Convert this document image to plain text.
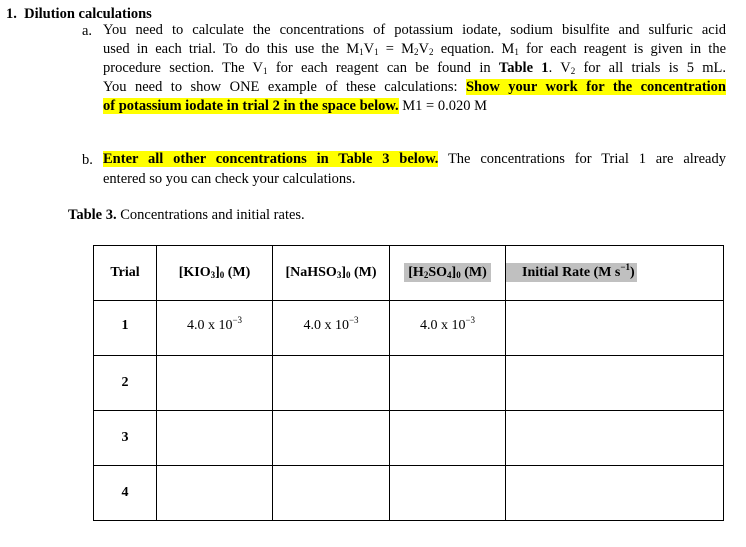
1. Dilution calculations
a. You need to calculate the concentrations of potassium iodate, sodium bisulfite and sulfuric acid
used in each trial. To do this use the $M_1V_1 = M_2V_2$ equation. $M_1$ for each reagent is given in the
procedure section. The $V_1$ for each reagent can be found in Table 1. $V_2$ for all trials is 5 mL.
You need to show ONE example of these calculations: Show your work for the concentration
of potassium iodate in trial 2 in the space below. M1 = 0.020 M
b. Enter all other concentrations in Table 3 below. The concentrations for Trial 1 are already
entered so you can check your calculations.
Table 3. Concentrations and initial rates.
Trial	$[KIO_3]_0$ (M)	$[NaHSO_3]_0$ (M)	$[H_2SO_4]_0$ (M)	Initial Rate (M $s^{-1}$)
1	4.0 x $10^{-3}$	4.0 x $10^{-3}$	4.0 x $10^{-3}$	
2				
3				
4				
